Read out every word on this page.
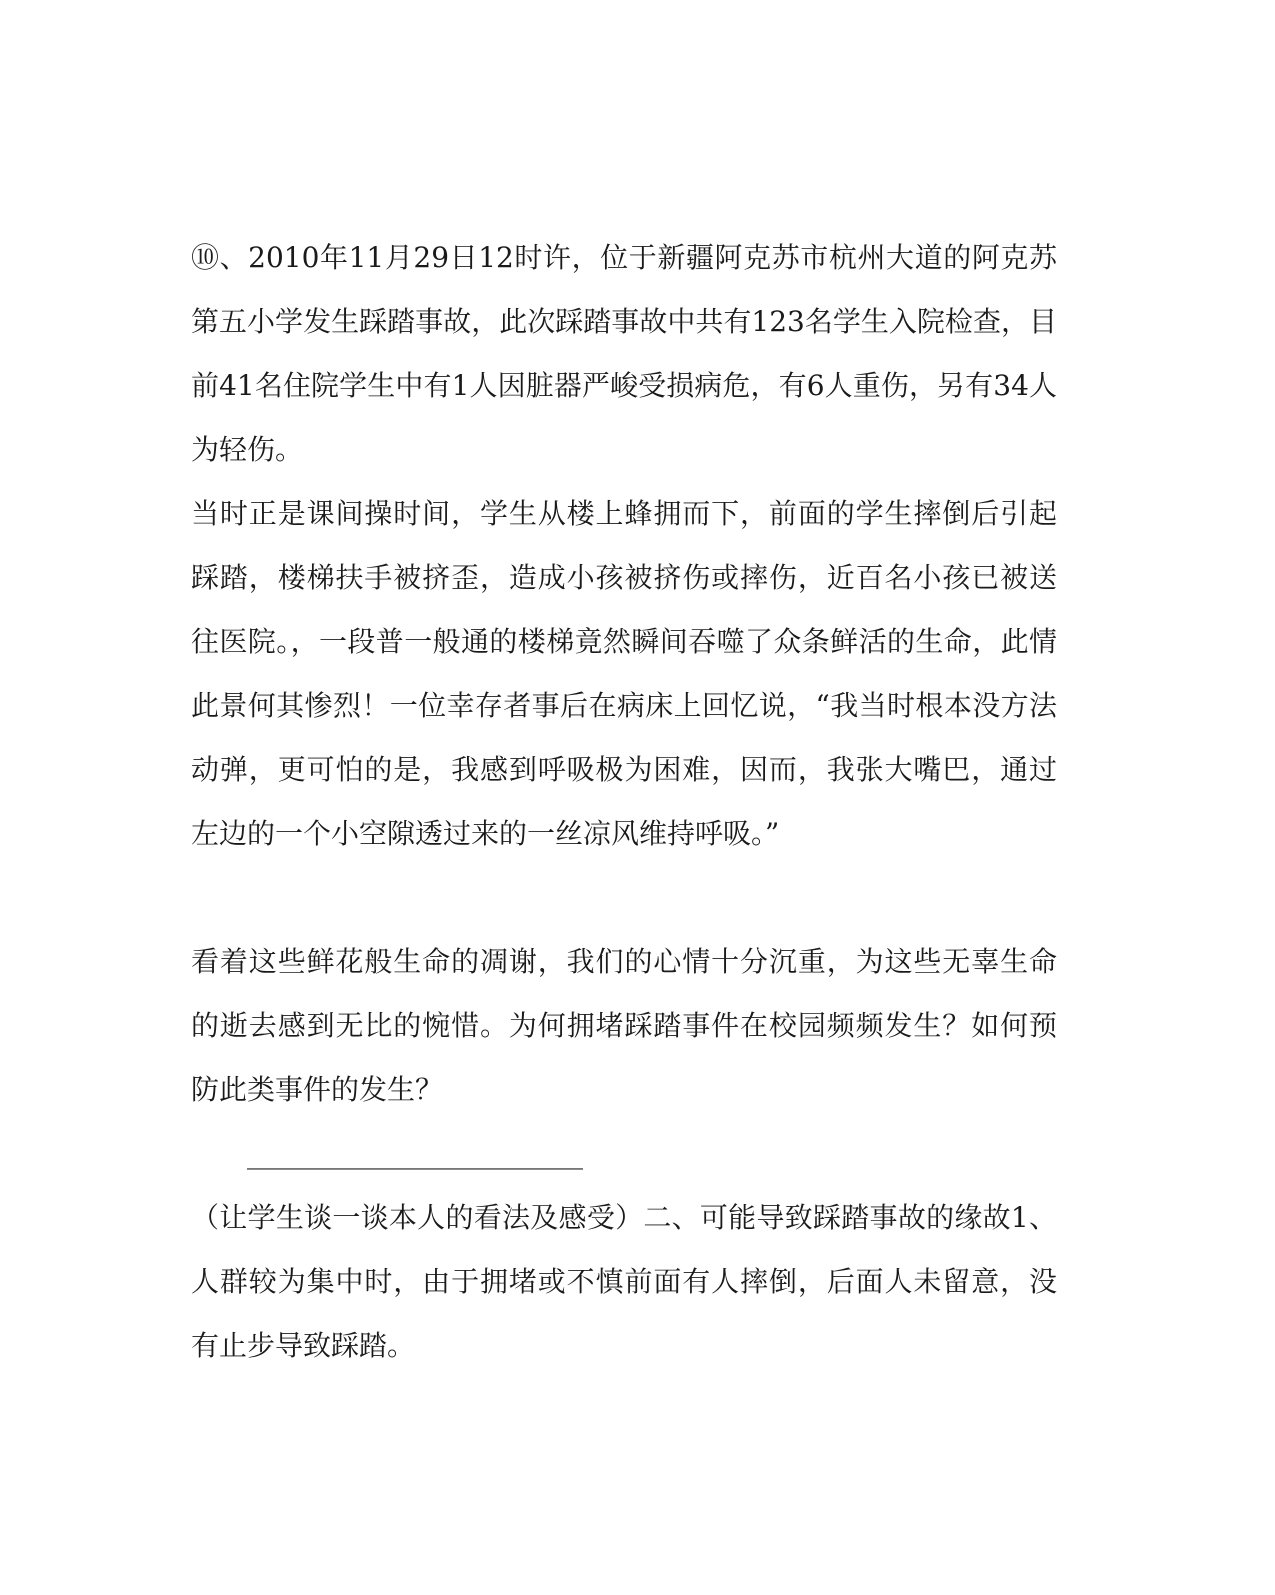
⑩、2010年11月29日12时许，位于新疆阿克苏市杭州大道的阿克苏第五小学发生踩踏事故，此次踩踏事故中共有123名学生入院检查，目前41名住院学生中有1人因脏器严峻受损病危，有6人重伤，另有34人为轻伤。

当时正是课间操时间，学生从楼上蜂拥而下，前面的学生摔倒后引起踩踏，楼梯扶手被挤歪，造成小孩被挤伤或摔伤，近百名小孩已被送往医院。，一段普一般通的楼梯竟然瞬间吞噬了众条鲜活的生命，此情此景何其惨烈！一位幸存者事后在病床上回忆说，“我当时根本没方法动弹，更可怕的是，我感到呼吸极为困难，因而，我张大嘴巴，通过左边的一个小空隙透过来的一丝凉风维持呼吸。”

看着这些鲜花般生命的凋谢，我们的心情十分沉重，为这些无辜生命的逝去感到无比的惋惜。为何拥堵踩踏事件在校园频频发生？如何预防此类事件的发生？

________________________

（让学生谈一谈本人的看法及感受）二、可能导致踩踏事故的缘故1、人群较为集中时，由于拥堵或不慎前面有人摔倒，后面人未留意，没有止步导致踩踏。
